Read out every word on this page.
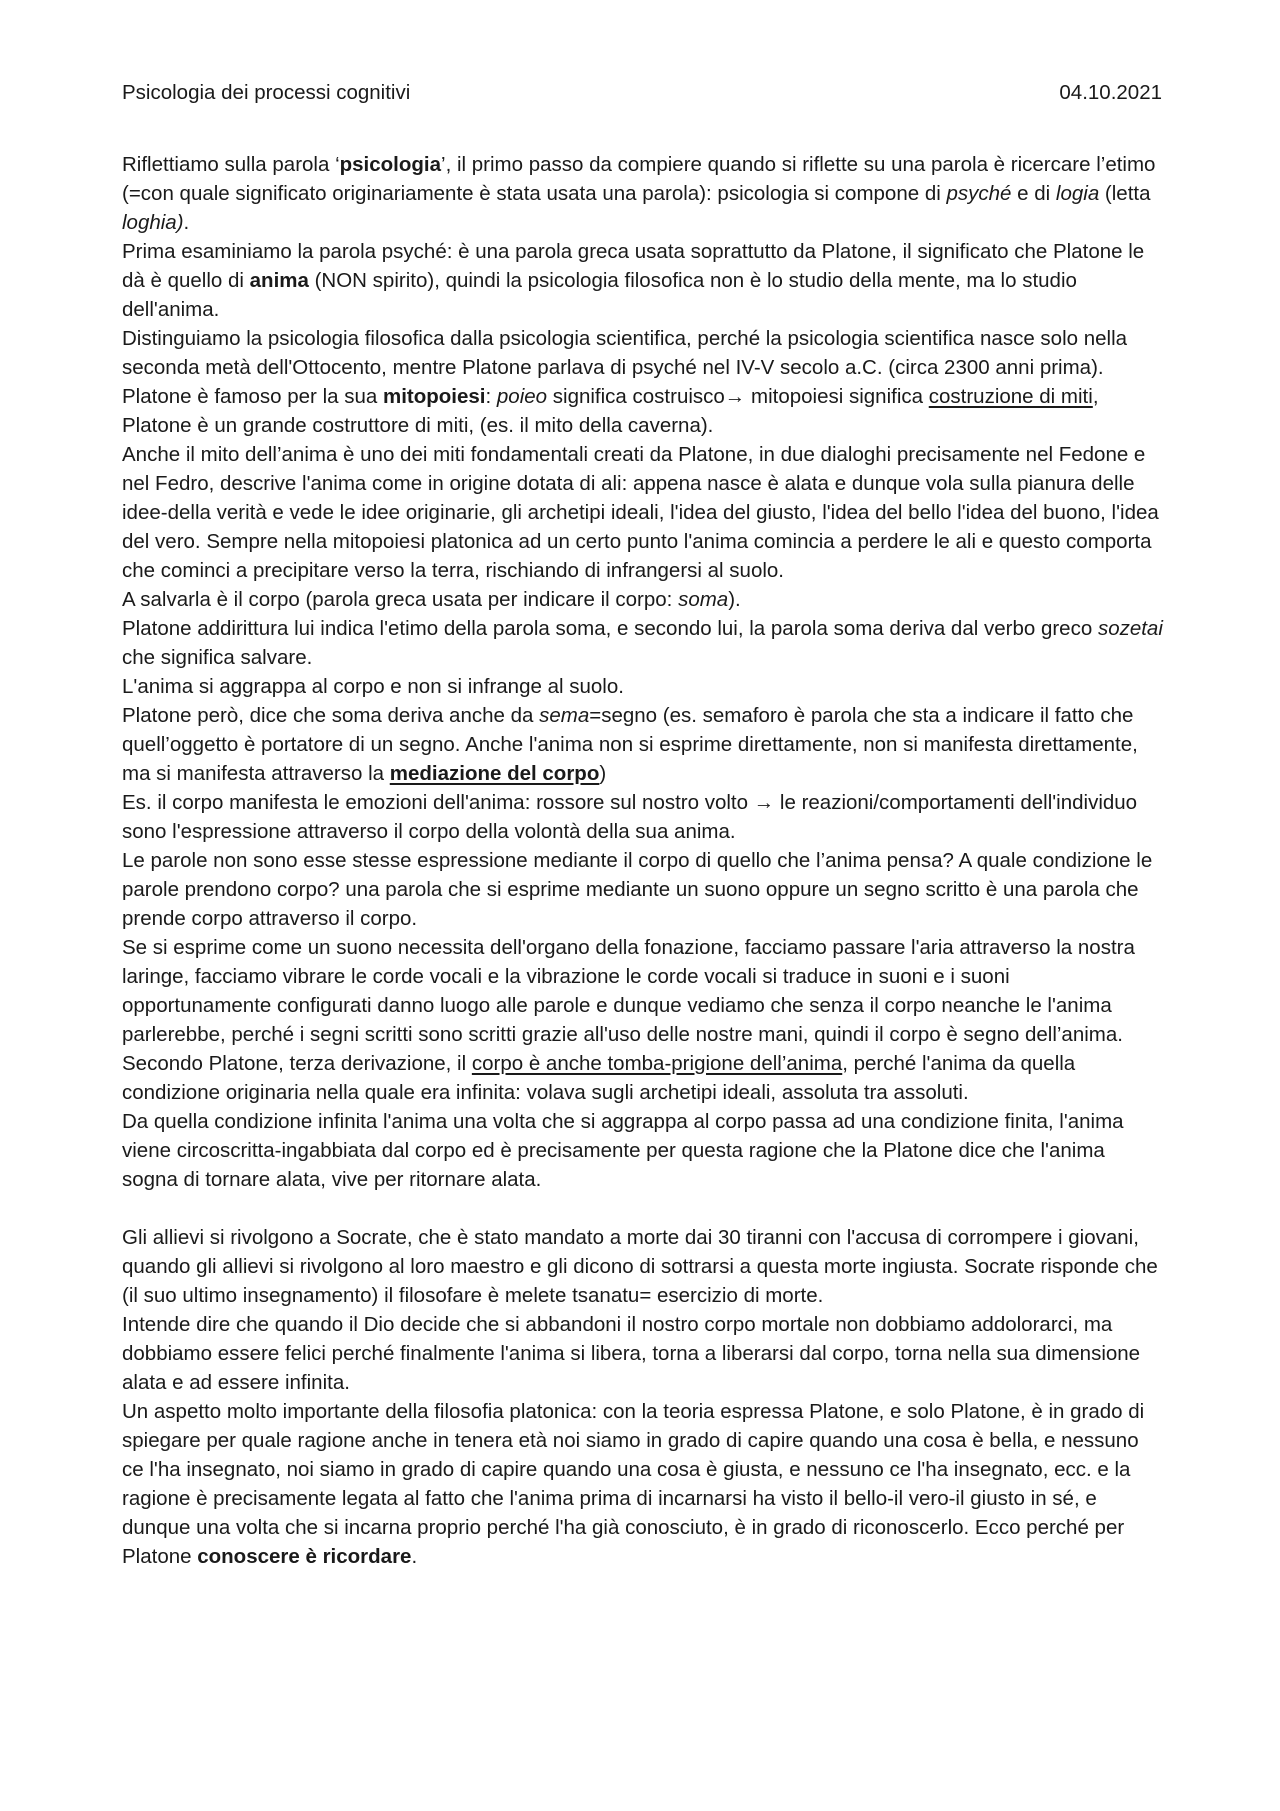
Psicologia dei processi cognitivi	04.10.2021

Riflettiamo sulla parola ‘psicologia’, il primo passo da compiere quando si riflette su una parola è ricercare l’etimo (=con quale significato originariamente è stata usata una parola): psicologia si compone di psyché e di logia (letta loghia).

Prima esaminiamo la parola psyché: è una parola greca usata soprattutto da Platone, il significato che Platone le dà è quello di anima (NON spirito), quindi la psicologia filosofica non è lo studio della mente, ma lo studio dell'anima.

Distinguiamo la psicologia filosofica dalla psicologia scientifica, perché la psicologia scientifica nasce solo nella seconda metà dell'Ottocento, mentre Platone parlava di psyché nel IV-V secolo a.C. (circa 2300 anni prima).

Platone è famoso per la sua mitopoiesi: poieo significa costruisco→ mitopoiesi significa costruzione di miti, Platone è un grande costruttore di miti, (es. il mito della caverna).

Anche il mito dell’anima è uno dei miti fondamentali creati da Platone, in due dialoghi precisamente nel Fedone e nel Fedro, descrive l'anima come in origine dotata di ali: appena nasce è alata e dunque vola sulla pianura delle idee-della verità e vede le idee originarie, gli archetipi ideali, l'idea del giusto, l'idea del bello l'idea del buono, l'idea del vero. Sempre nella mitopoiesi platonica ad un certo punto l'anima comincia a perdere le ali e questo comporta che cominci a precipitare verso la terra, rischiando di infrangersi al suolo.

A salvarla è il corpo (parola greca usata per indicare il corpo: soma).

Platone addirittura lui indica l'etimo della parola soma, e secondo lui, la parola soma deriva dal verbo greco sozetai che significa salvare.

L'anima si aggrappa al corpo e non si infrange al suolo.

Platone però, dice che soma deriva anche da sema=segno (es. semaforo è parola che sta a indicare il fatto che quell’oggetto è portatore di un segno. Anche l'anima non si esprime direttamente, non si manifesta direttamente, ma si manifesta attraverso la mediazione del corpo)

Es. il corpo manifesta le emozioni dell'anima: rossore sul nostro volto → le reazioni/comportamenti dell'individuo sono l'espressione attraverso il corpo della volontà della sua anima.

Le parole non sono esse stesse espressione mediante il corpo di quello che l’anima pensa? A quale condizione le parole prendono corpo? una parola che si esprime mediante un suono oppure un segno scritto è una parola che prende corpo attraverso il corpo.

Se si esprime come un suono necessita dell'organo della fonazione, facciamo passare l'aria attraverso la nostra laringe, facciamo vibrare le corde vocali e la vibrazione le corde vocali si traduce in suoni e i suoni opportunamente configurati danno luogo alle parole e dunque vediamo che senza il corpo neanche le l'anima parlerebbe, perché i segni scritti sono scritti grazie all'uso delle nostre mani, quindi il corpo è segno dell’anima.

Secondo Platone, terza derivazione, il corpo è anche tomba-prigione dell’anima, perché l'anima da quella condizione originaria nella quale era infinita: volava sugli archetipi ideali, assoluta tra assoluti.

Da quella condizione infinita l'anima una volta che si aggrappa al corpo passa ad una condizione finita, l'anima viene circoscritta-ingabbiata dal corpo ed è precisamente per questa ragione che la Platone dice che l'anima sogna di tornare alata, vive per ritornare alata.

Gli allievi si rivolgono a Socrate, che è stato mandato a morte dai 30 tiranni con l'accusa di corrompere i giovani, quando gli allievi si rivolgono al loro maestro e gli dicono di sottrarsi a questa morte ingiusta. Socrate risponde che (il suo ultimo insegnamento) il filosofare è melete tsanatu= esercizio di morte.

Intende dire che quando il Dio decide che si abbandoni il nostro corpo mortale non dobbiamo addolorarci, ma dobbiamo essere felici perché finalmente l'anima si libera, torna a liberarsi dal corpo, torna nella sua dimensione alata e ad essere infinita.

Un aspetto molto importante della filosofia platonica: con la teoria espressa Platone, e solo Platone, è in grado di spiegare per quale ragione anche in tenera età noi siamo in grado di capire quando una cosa è bella, e nessuno ce l'ha insegnato, noi siamo in grado di capire quando una cosa è giusta, e nessuno ce l'ha insegnato, ecc. e la ragione è precisamente legata al fatto che l'anima prima di incarnarsi ha visto il bello-il vero-il giusto in sé, e dunque una volta che si incarna proprio perché l'ha già conosciuto, è in grado di riconoscerlo. Ecco perché per Platone conoscere è ricordare.
